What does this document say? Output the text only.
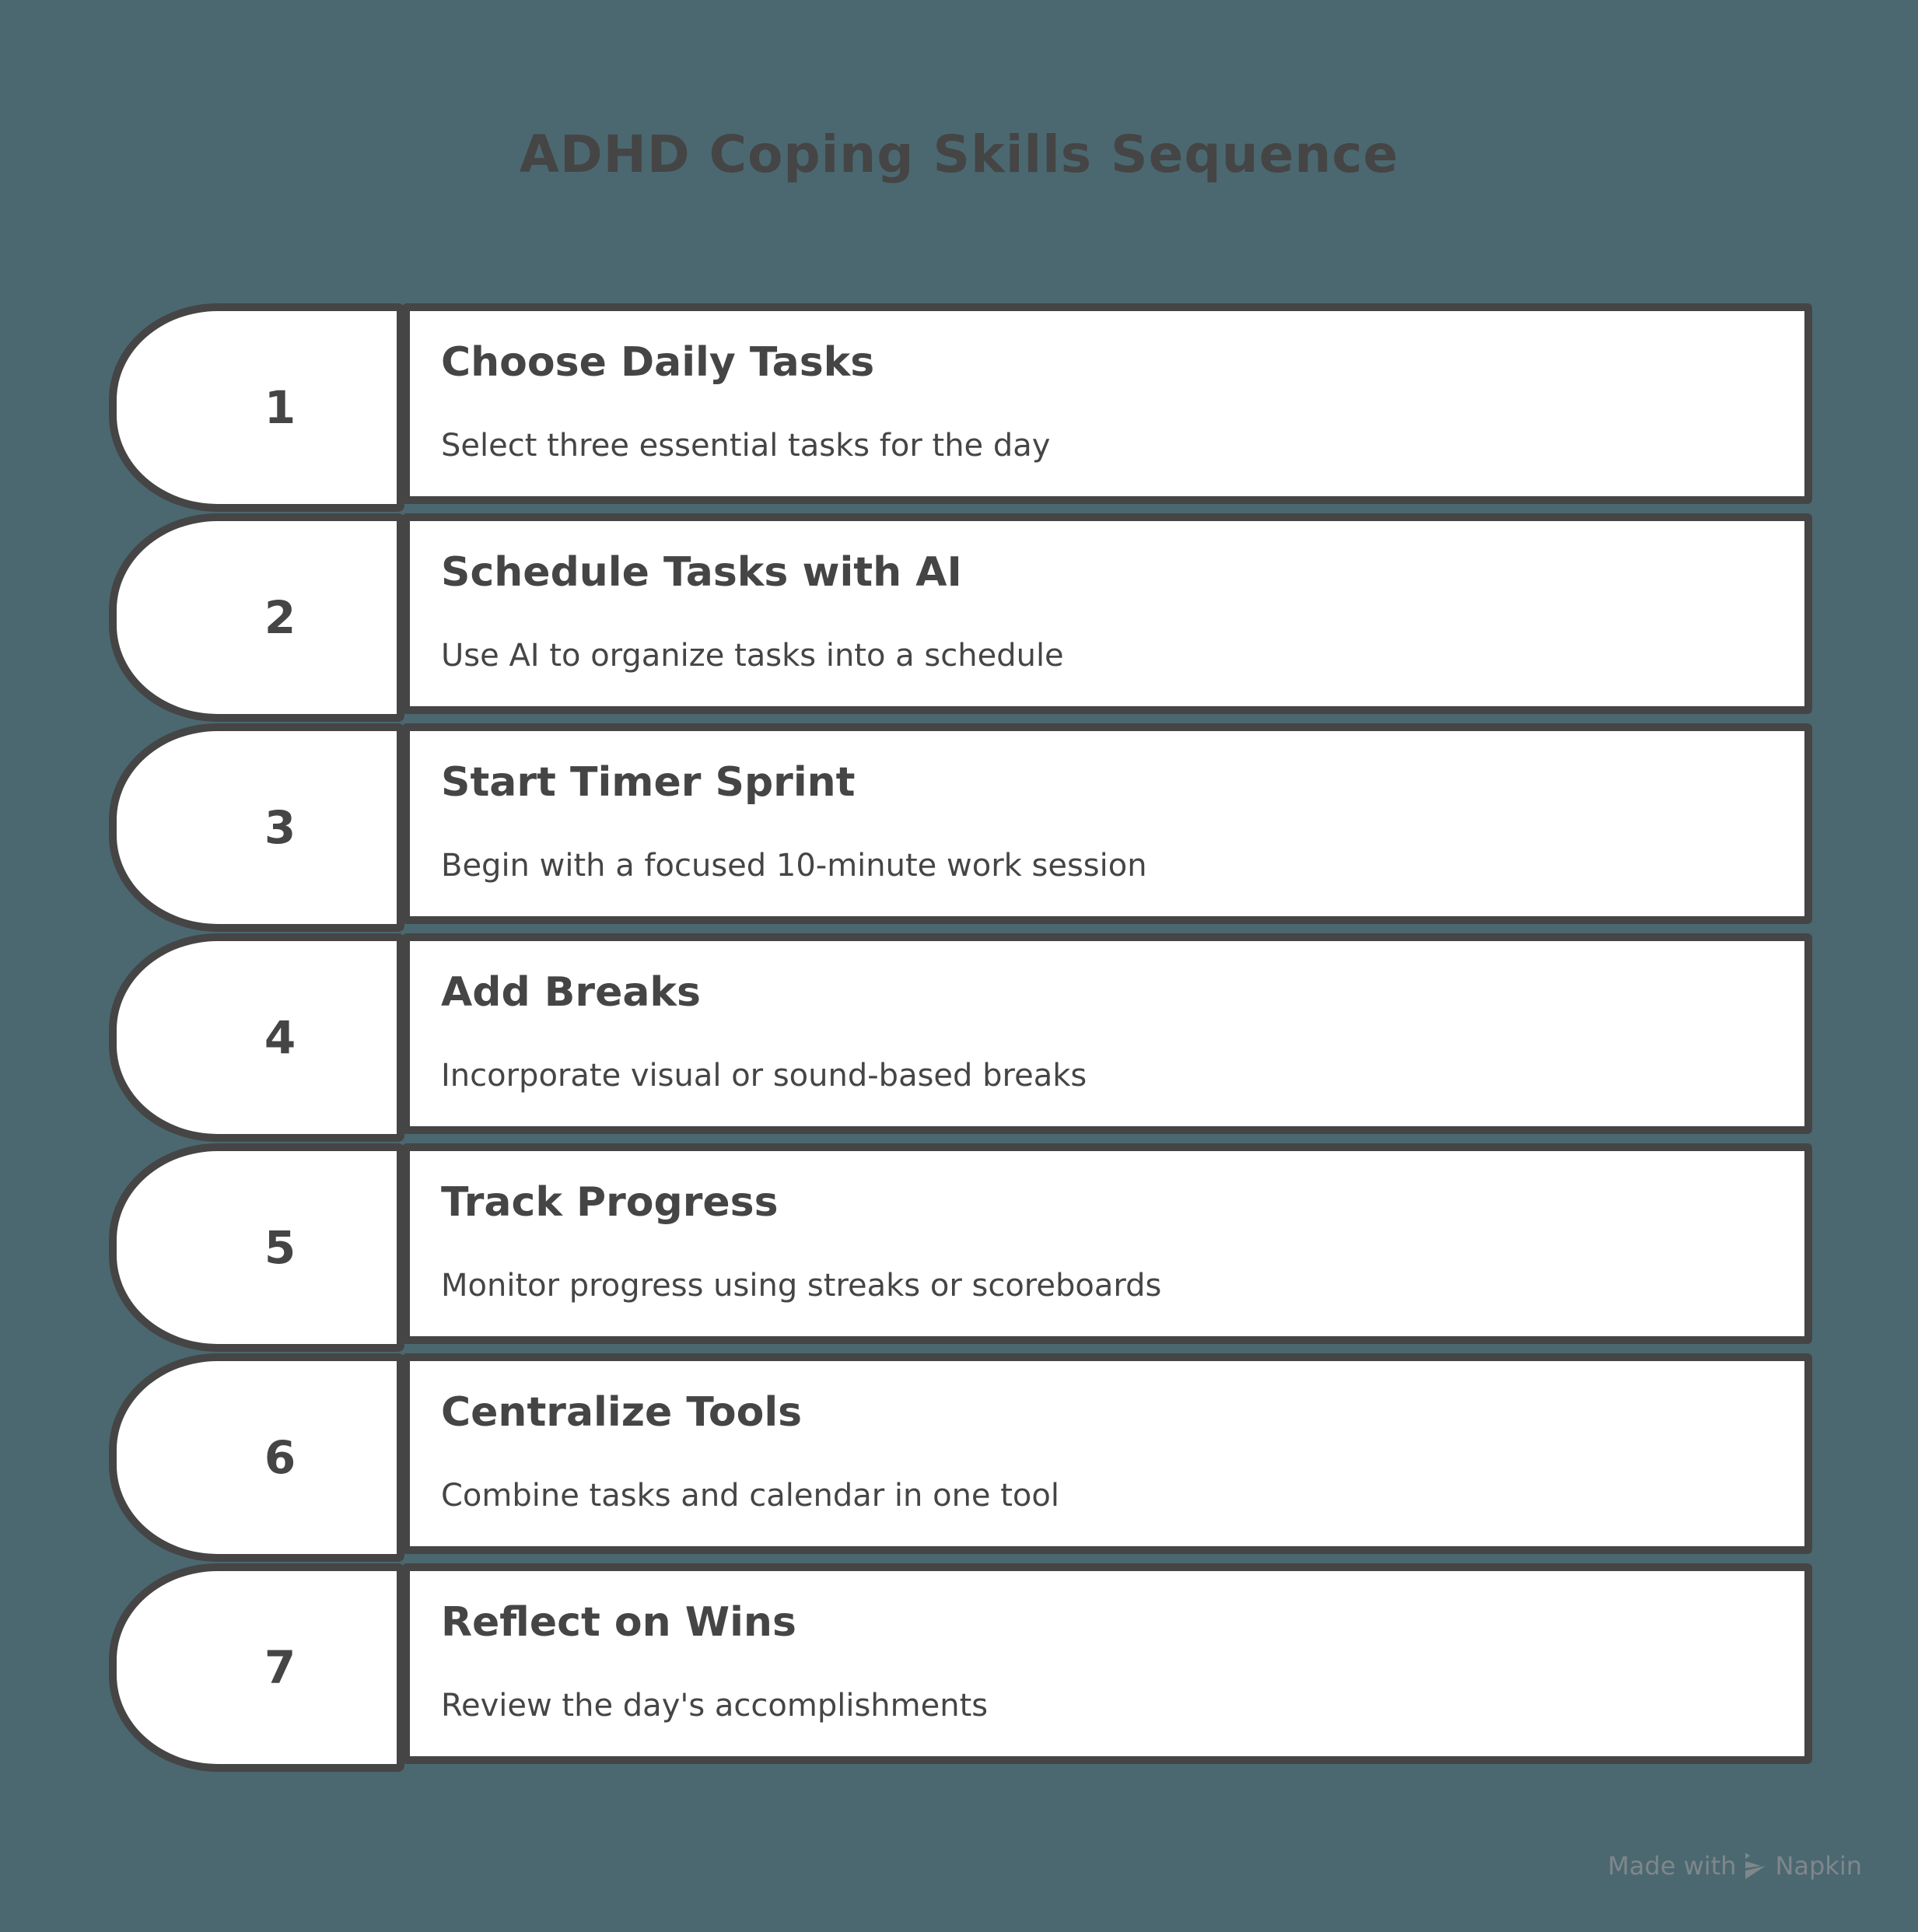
ADHD Coping Skills Sequence
1
Choose Daily Tasks
Select three essential tasks for the day
2
Schedule Tasks with AI
Use AI to organize tasks into a schedule
3
Start Timer Sprint
Begin with a focused 10-minute work session
4
Add Breaks
Incorporate visual or sound-based breaks
5
Track Progress
Monitor progress using streaks or scoreboards
6
Centralize Tools
Combine tasks and calendar in one tool
7
Reflect on Wins
Review the day's accomplishments
Made with Napkin
